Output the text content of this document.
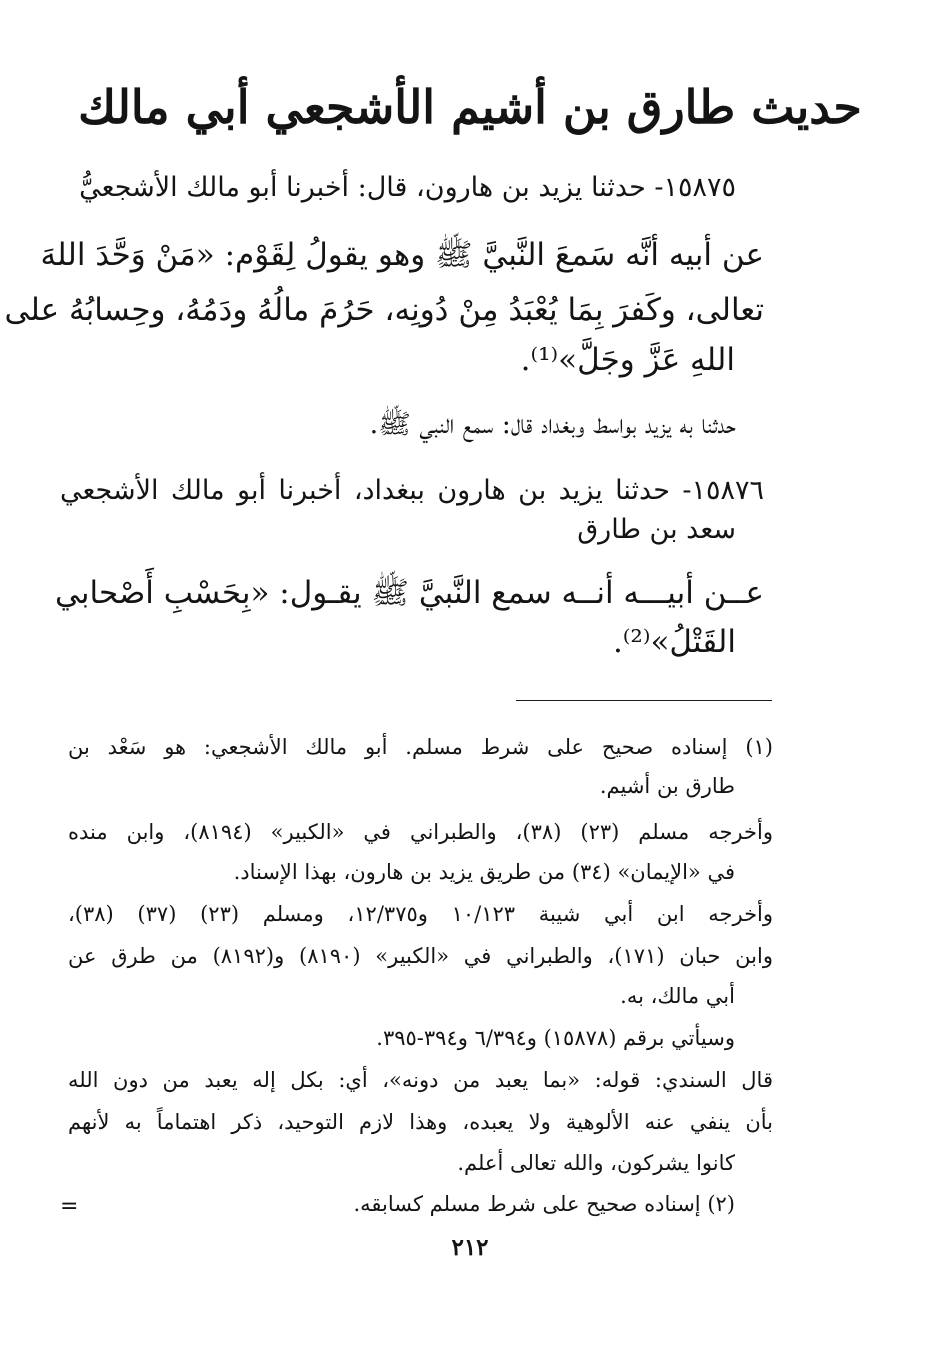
حديث طارق بن أشيم الأشجعي أبي مالك
١٥٨٧٥- حدثنا يزيد بن هارون، قال: أخبرنا أبو مالك الأشجعيُّ
عن أبيه أنَّه سَمعَ النَّبيَّ ﷺ وهو يقولُ لِقَوْم: «مَنْ وَحَّدَ اللهَ
تعالى، وكَفرَ بِمَا يُعْبَدُ مِنْ دُونِه، حَرُمَ مالُهُ ودَمُهُ، وحِسابُهُ على
اللهِ عَزَّ وجَلَّ»⁽¹⁾.
حدثنا به يزيد بواسط وبغداد قال: سمع النبي ﷺ.
١٥٨٧٦- حدثنا يزيد بن هارون ببغداد، أخبرنا أبو مالك الأشجعي
سعد بن طارق
عــن أبيـــه أنــه سمع النَّبيَّ ﷺ يقـول: «بِحَسْبِ أَصْحابي
القَتْلُ»⁽²⁾.
(١) إسناده صحيح على شرط مسلم. أبو مالك الأشجعي: هو سَعْد بن
طارق بن أشيم.
وأخرجه مسلم (٢٣) (٣٨)، والطبراني في «الكبير» (٨١٩٤)، وابن منده
في «الإيمان» (٣٤) من طريق يزيد بن هارون، بهذا الإسناد.
وأخرجه ابن أبي شيبة ١٠/١٢٣ و١٢/٣٧٥، ومسلم (٢٣) (٣٧) (٣٨)،
وابن حبان (١٧١)، والطبراني في «الكبير» (٨١٩٠) و(٨١٩٢) من طرق عن
أبي مالك، به.
وسيأتي برقم (١٥٨٧٨) و٦/٣٩٤ و٣٩٤-٣٩٥.
قال السندي: قوله: «بما يعبد من دونه»، أي: بكل إله يعبد من دون الله
بأن ينفي عنه الألوهية ولا يعبده، وهذا لازم التوحيد، ذكر اهتماماً به لأنهم
كانوا يشركون، والله تعالى أعلم.
(٢) إسناده صحيح على شرط مسلم كسابقه.
=
٢١٢
